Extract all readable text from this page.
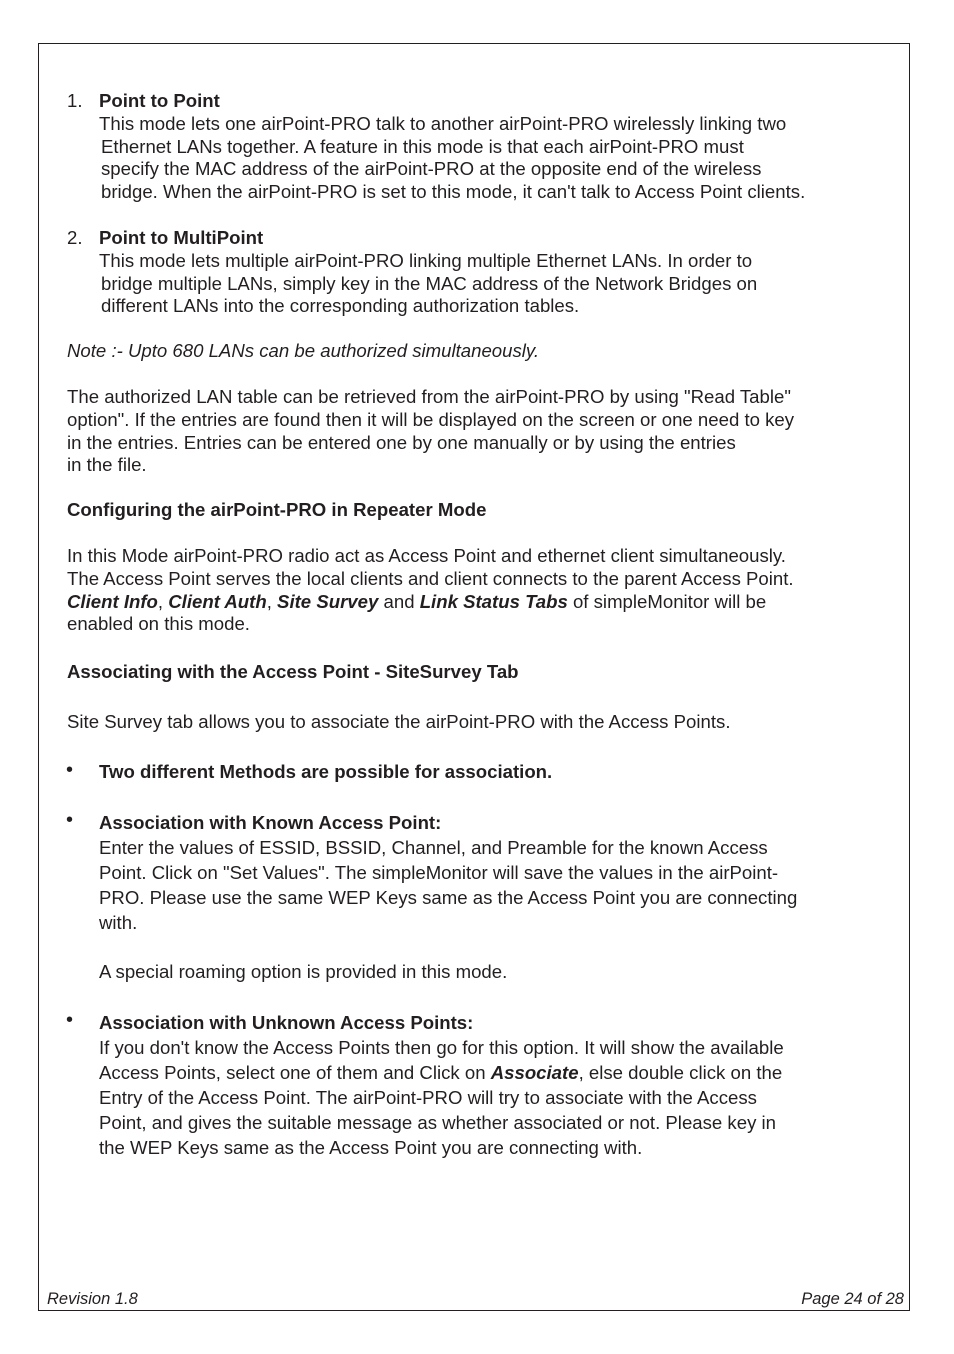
1. Point to Point
This mode lets one airPoint-PRO talk to another airPoint-PRO wirelessly linking two
Ethernet LANs together. A feature in this mode is that each airPoint-PRO must
specify the MAC address of the airPoint-PRO at the opposite end of the wireless
bridge. When the airPoint-PRO is set to this mode, it can't talk to Access Point clients.
2. Point to MultiPoint
This mode lets multiple airPoint-PRO linking multiple Ethernet LANs. In order to
bridge multiple LANs, simply key in the MAC address of the Network Bridges on
different LANs into the corresponding authorization tables.
Note :- Upto 680 LANs can be authorized simultaneously.
The authorized LAN table can be retrieved from the airPoint-PRO by using "Read Table"
option". If the entries are found then it will be displayed on the screen or one need to key
in the entries. Entries can be entered one by one manually or by using the entries
in the file.
Configuring the airPoint-PRO in Repeater Mode
In this Mode airPoint-PRO radio act as Access Point and ethernet client simultaneously.
The Access Point serves the local clients and client connects to the parent Access Point.
Client Info, Client Auth, Site Survey and Link Status Tabs of simpleMonitor will be
enabled on this mode.
Associating with the Access Point - SiteSurvey Tab
Site Survey tab allows you to associate the airPoint-PRO with the Access Points.
• Two different Methods are possible for association.
• Association with Known Access Point:
Enter the values of ESSID, BSSID, Channel, and Preamble for the known Access
Point. Click on "Set Values". The simpleMonitor will save the values in the airPoint-
PRO. Please use the same WEP Keys same as the Access Point you are connecting
with.
A special roaming option is provided in this mode.
• Association with Unknown Access Points:
If you don't know the Access Points then go for this option. It will show the available
Access Points, select one of them and Click on Associate, else double click on the
Entry of the Access Point. The airPoint-PRO will try to associate with the Access
Point, and gives the suitable message as whether associated or not. Please key in
the WEP Keys same as the Access Point you are connecting with.
Revision 1.8	Page 24 of 28
